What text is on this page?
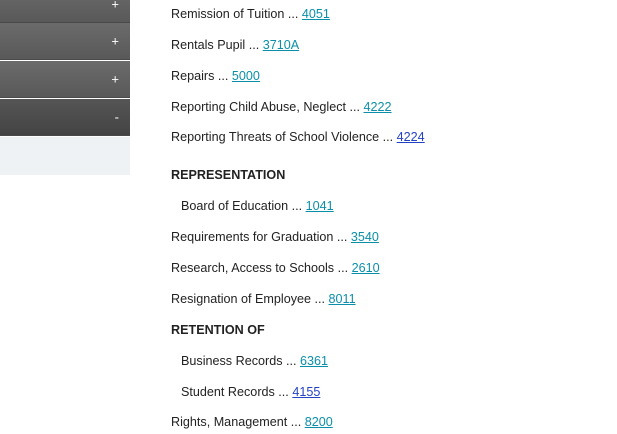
+
+
+
-
Remission of Tuition ... 4051
Rentals Pupil ... 3710A
Repairs ... 5000
Reporting Child Abuse, Neglect ... 4222
Reporting Threats of School Violence ... 4224
REPRESENTATION
Board of Education ... 1041
Requirements for Graduation ... 3540
Research, Access to Schools ... 2610
Resignation of Employee ... 8011
RETENTION OF
Business Records ... 6361
Student Records ... 4155
Rights, Management ... 8200
